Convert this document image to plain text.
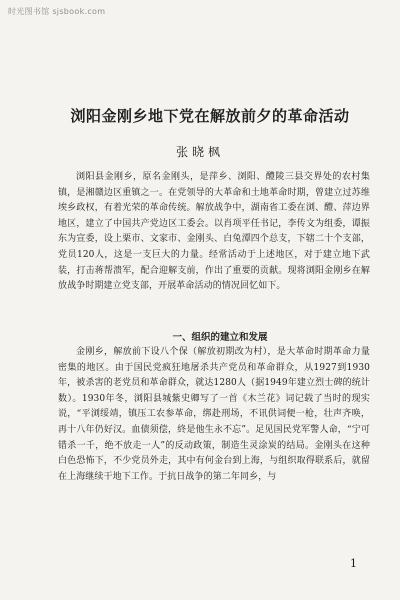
时光图书馆 sjsbook.com
浏阳金刚乡地下党在解放前夕的革命活动
张晓枫
浏阳县金刚乡，原名金刚头，是萍乡、浏阳、醴陵三县交界处的农村集镇，是湘赣边区重镇之一。在党领导的大革命和土地革命时期，曾建立过苏维埃乡政权，有着光荣的革命传统。解放战争中，湖南省工委在浏、醴、萍边界地区，建立了中国共产党边区工委会。以肖项平任书记，李传文为组委，谭振东为宣委，设上栗市、文家市、金刚头、白兔潭四个总支，下辖二十个支部，党员120人，这是一支巨大的力量。经常活动于上述地区，对于建立地下武装，打击蒋帮溃军，配合迎解支前，作出了重要的贡献。现将浏阳金刚乡在解放战争时期建立党支部，开展革命活动的情况回忆如下。
一、组织的建立和发展
金刚乡，解放前下设八个保（解放初期改为村），是大革命时期革命力量密集的地区。由于国民党疯狂地屠杀共产党员和革命群众，从1927到1930年，被杀害的老党员和革命群众，就达1280人（据1949年建立烈士碑的统计数）。1930年冬，浏阳县城紫史卿写了一首《木兰花》词记载了当时的现实说，“平浏绥靖，镇压工农参革命，绑赴刑场，不讯供词便一枪，壮声齐唤，再十八年仍好汉。血债须偿，終是他生永不忘”。足见国民党军警人命，“宁可错杀一千，绝不放走一人”的反动政策，制造生灵涂炭的结局。金刚头在这种白色恐怖下，不少党员外走，其中有何金台到上海，与组织取得联系后，就留在上海继续干地下工作。于抗日战争的第二年同乡，与
1
